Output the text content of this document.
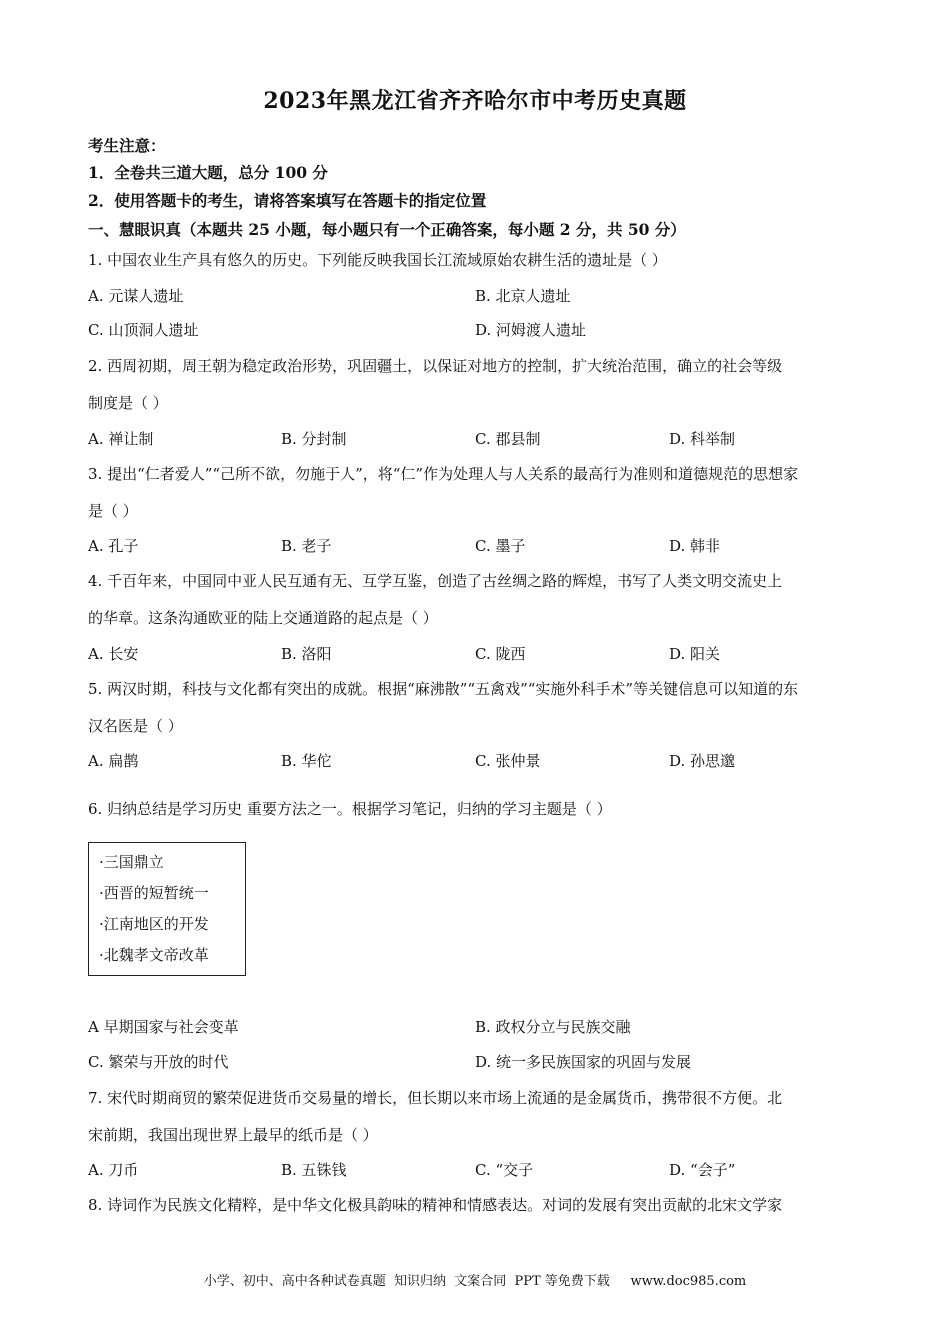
2023年黑龙江省齐齐哈尔市中考历史真题
考生注意：
1．全卷共三道大题，总分 100 分
2．使用答题卡的考生，请将答案填写在答题卡的指定位置
一、慧眼识真（本题共 25 小题，每小题只有一个正确答案，每小题 2 分，共 50 分）
1. 中国农业生产具有悠久的历史。下列能反映我国长江流域原始农耕生活的遗址是（ ）
A. 元谋人遗址	B. 北京人遗址
C. 山顶洞人遗址	D. 河姆渡人遗址
2. 西周初期，周王朝为稳定政治形势，巩固疆土，以保证对地方的控制，扩大统治范围，确立的社会等级
制度是（ ）
A. 禅让制	B. 分封制	C. 郡县制	D. 科举制
3. 提出“仁者爱人”“己所不欲，勿施于人”，将“仁”作为处理人与人关系的最高行为准则和道德规范的思想家
是（ ）
A. 孔子	B. 老子	C. 墨子	D. 韩非
4. 千百年来，中国同中亚人民互通有无、互学互鉴，创造了古丝绸之路的辉煌，书写了人类文明交流史上
的华章。这条沟通欧亚的陆上交通道路的起点是（ ）
A. 长安	B. 洛阳	C. 陇西	D. 阳关
5. 两汉时期，科技与文化都有突出的成就。根据“麻沸散”“五禽戏”“实施外科手术”等关键信息可以知道的东
汉名医是（ ）
A. 扁鹊	B. 华佗	C. 张仲景	D. 孙思邈
6. 归纳总结是学习历史 重要方法之一。根据学习笔记，归纳的学习主题是（ ）
·三国鼎立
·西晋的短暂统一
·江南地区的开发
·北魏孝文帝改革
A 早期国家与社会变革	B. 政权分立与民族交融
C. 繁荣与开放的时代	D. 统一多民族国家的巩固与发展
7. 宋代时期商贸的繁荣促进货币交易量的增长，但长期以来市场上流通的是金属货币，携带很不方便。北
宋前期，我国出现世界上最早的纸币是（ ）
A. 刀币	B. 五铢钱	C. “交子	D. “会子”
8. 诗词作为民族文化精粹，是中华文化极具韵味的精神和情感表达。对词的发展有突出贡献的北宋文学家
小学、初中、高中各种试卷真题  知识归纳  文案合同  PPT 等免费下载     www.doc985.com
